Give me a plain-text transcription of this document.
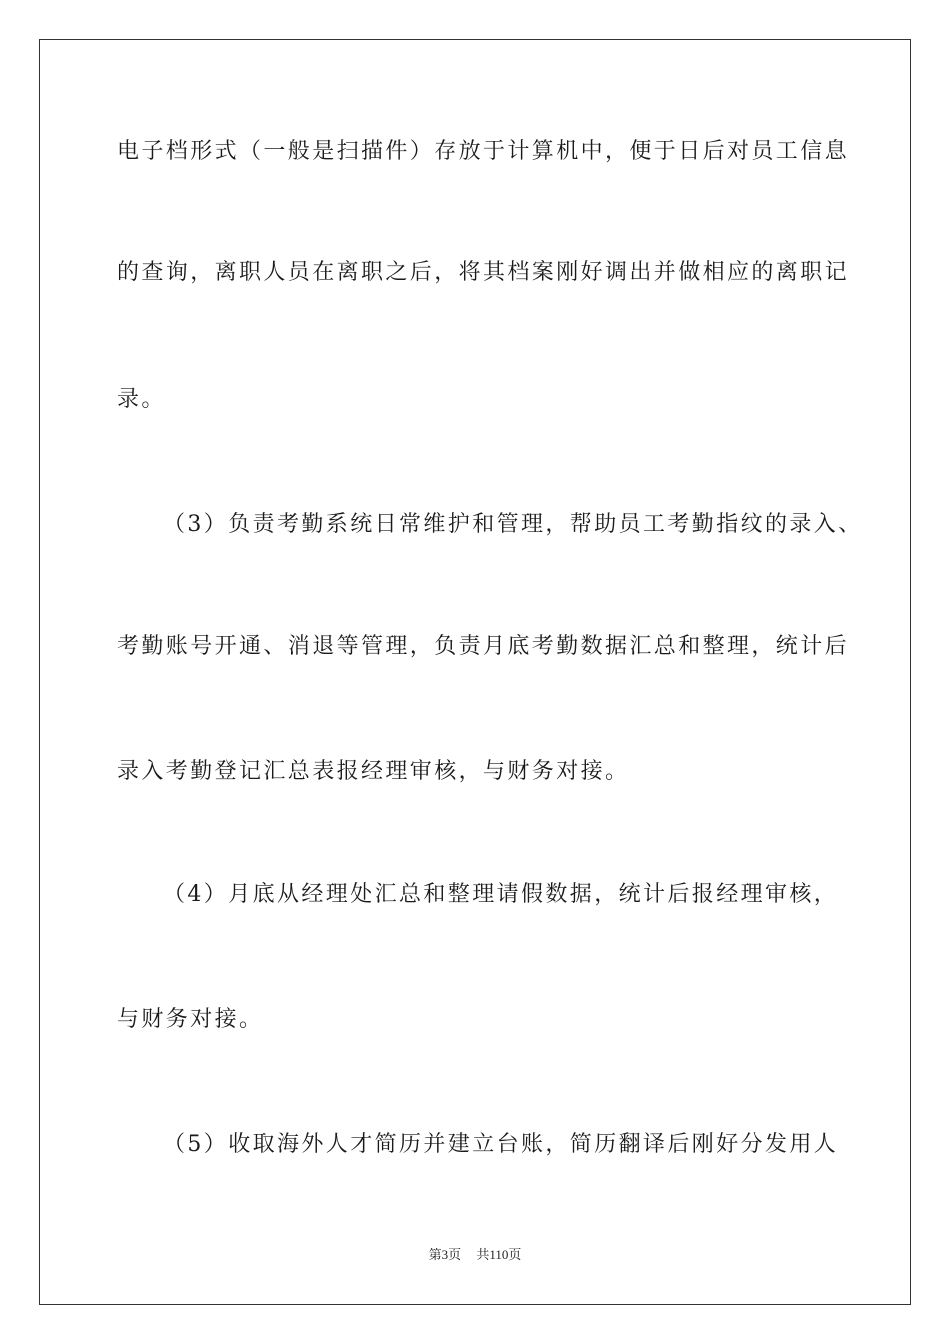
电子档形式（一般是扫描件）存放于计算机中，便于日后对员工信息
的查询，离职人员在离职之后，将其档案刚好调出并做相应的离职记
录。
（3）负责考勤系统日常维护和管理，帮助员工考勤指纹的录入、
考勤账号开通、消退等管理，负责月底考勤数据汇总和整理，统计后
录入考勤登记汇总表报经理审核，与财务对接。
（4）月底从经理处汇总和整理请假数据，统计后报经理审核，
与财务对接。
（5）收取海外人才简历并建立台账，简历翻译后刚好分发用人
第3页 共110页
